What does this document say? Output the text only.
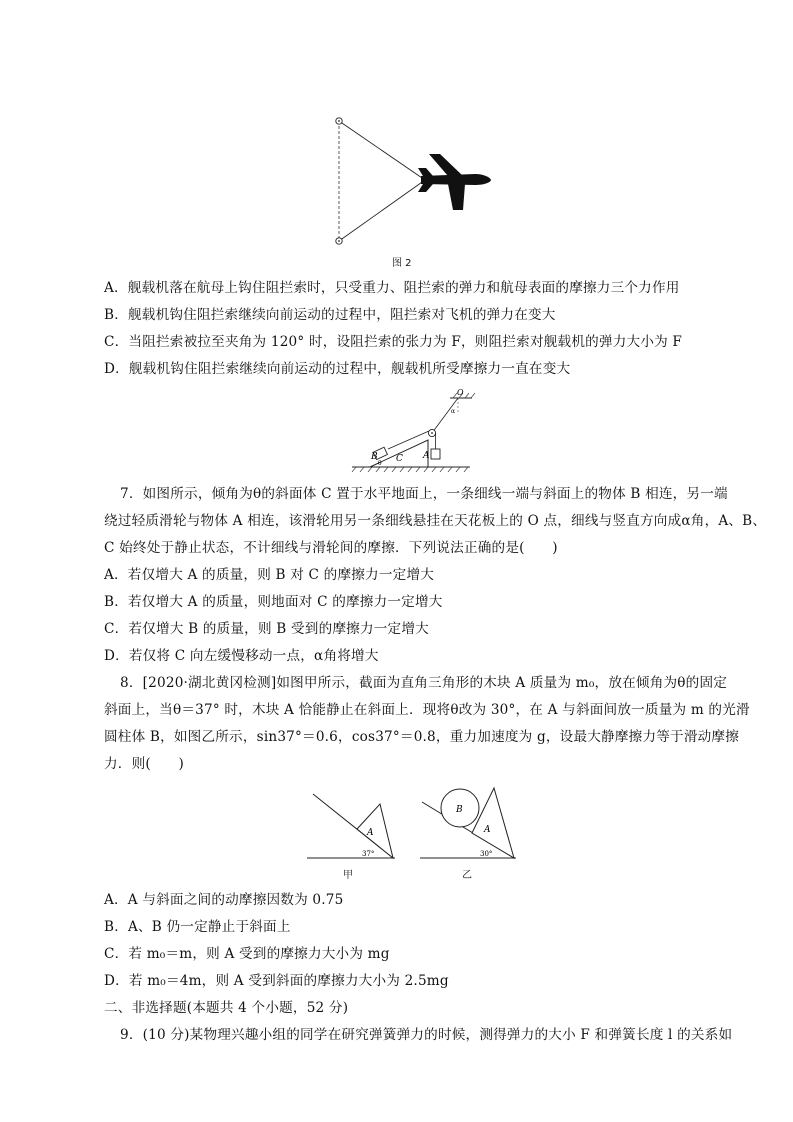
图 2
A．舰载机落在航母上钩住阻拦索时，只受重力、阻拦索的弹力和航母表面的摩擦力三个力作用
B．舰载机钩住阻拦索继续向前运动的过程中，阻拦索对飞机的弹力在变大
C．当阻拦索被拉至夹角为 120° 时，设阻拦索的张力为 F，则阻拦索对舰载机的弹力大小为 F
D．舰载机钩住阻拦索继续向前运动的过程中，舰载机所受摩擦力一直在变大
O
C
θ
B
α
A
7．如图所示，倾角为θ的斜面体 C 置于水平地面上，一条细线一端与斜面上的物体 B 相连，另一端
绕过轻质滑轮与物体 A 相连，该滑轮用另一条细线悬挂在天花板上的 O 点，细线与竖直方向成α角，A、B、
C 始终处于静止状态，不计细线与滑轮间的摩擦．下列说法正确的是(　　)
A．若仅增大 A 的质量，则 B 对 C 的摩擦力一定增大
B．若仅增大 A 的质量，则地面对 C 的摩擦力一定增大
C．若仅增大 B 的质量，则 B 受到的摩擦力一定增大
D．若仅将 C 向左缓慢移动一点，α角将增大
8．[2020·湖北黄冈检测]如图甲所示，截面为直角三角形的木块 A 质量为 m₀，放在倾角为θ的固定
斜面上，当θ＝37° 时，木块 A 恰能静止在斜面上．现将θ改为 30°，在 A 与斜面间放一质量为 m 的光滑
圆柱体 B，如图乙所示，sin37°＝0.6，cos37°＝0.8，重力加速度为 g，设最大静摩擦力等于滑动摩擦
力．则(　　)
A
37°
甲
B
A
30°
乙
A．A 与斜面之间的动摩擦因数为 0.75
B．A、B 仍一定静止于斜面上
C．若 m₀＝m，则 A 受到的摩擦力大小为 mg
D．若 m₀＝4m，则 A 受到斜面的摩擦力大小为 2.5mg
二、非选择题(本题共 4 个小题，52 分)
9．(10 分)某物理兴趣小组的同学在研究弹簧弹力的时候，测得弹力的大小 F 和弹簧长度 l 的关系如
